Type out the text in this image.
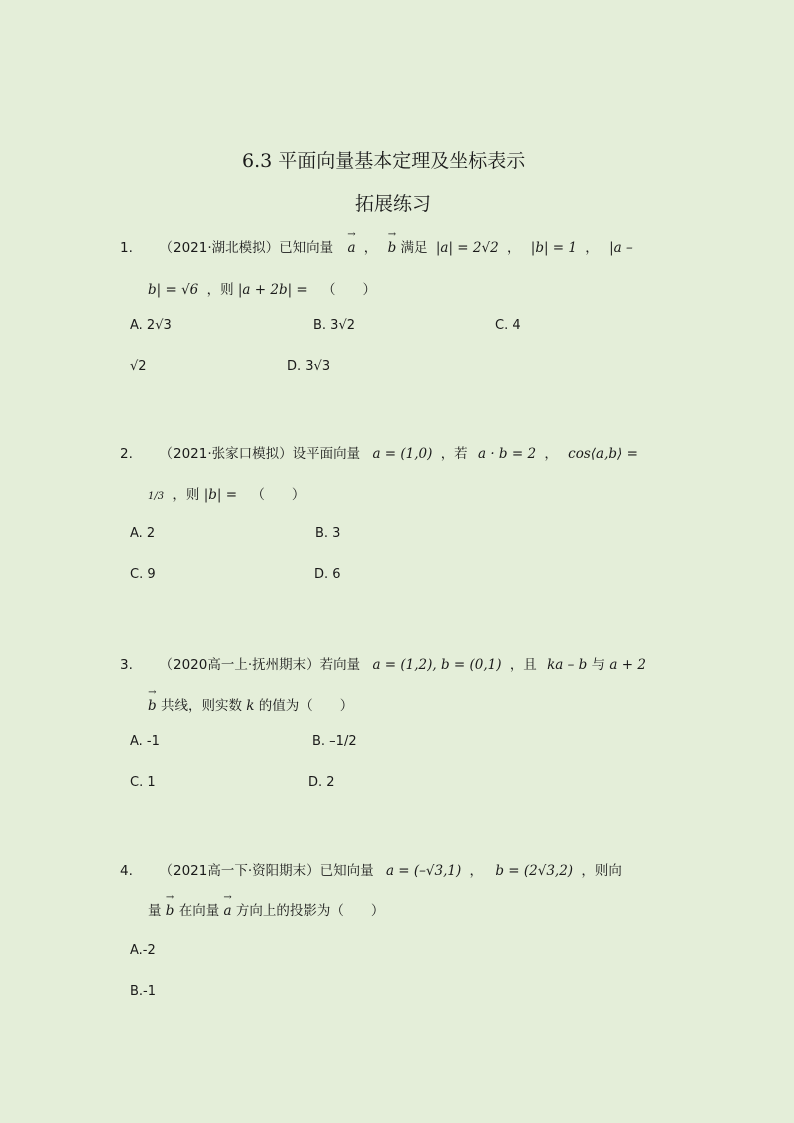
6.3 平面向量基本定理及坐标表示
拓展练习
1. （2021·湖北模拟）已知向量 → a ， → b 满足 |a| = 2√2 ， |b| = 1 ， |a –
b| = √6 ，则 |a + 2b| = （　　）
A. 2√3	B. 3√2	C. 4
√2	D. 3√3
2. （2021·张家口模拟）设平面向量 a = (1,0) ，若 a · b = 2 ， cos⟨a,b⟩ =
1/3 ，则 |b| = （　　）
A. 2	B. 3
C. 9	D. 6
3. （2020高一上·抚州期末）若向量 a = (1,2), b = (0,1) ，且 ka – b 与 a + 2
→ b 共线，则实数 k 的值为（　　）
A. -1	B. –1/2
C. 1	D. 2
4. （2021高一下·资阳期末）已知向量 a = (–√3,1) ， b = (2√3,2) ，则向
量 → b 在向量 → a 方向上的投影为（　　）
A.-2
B.-1
